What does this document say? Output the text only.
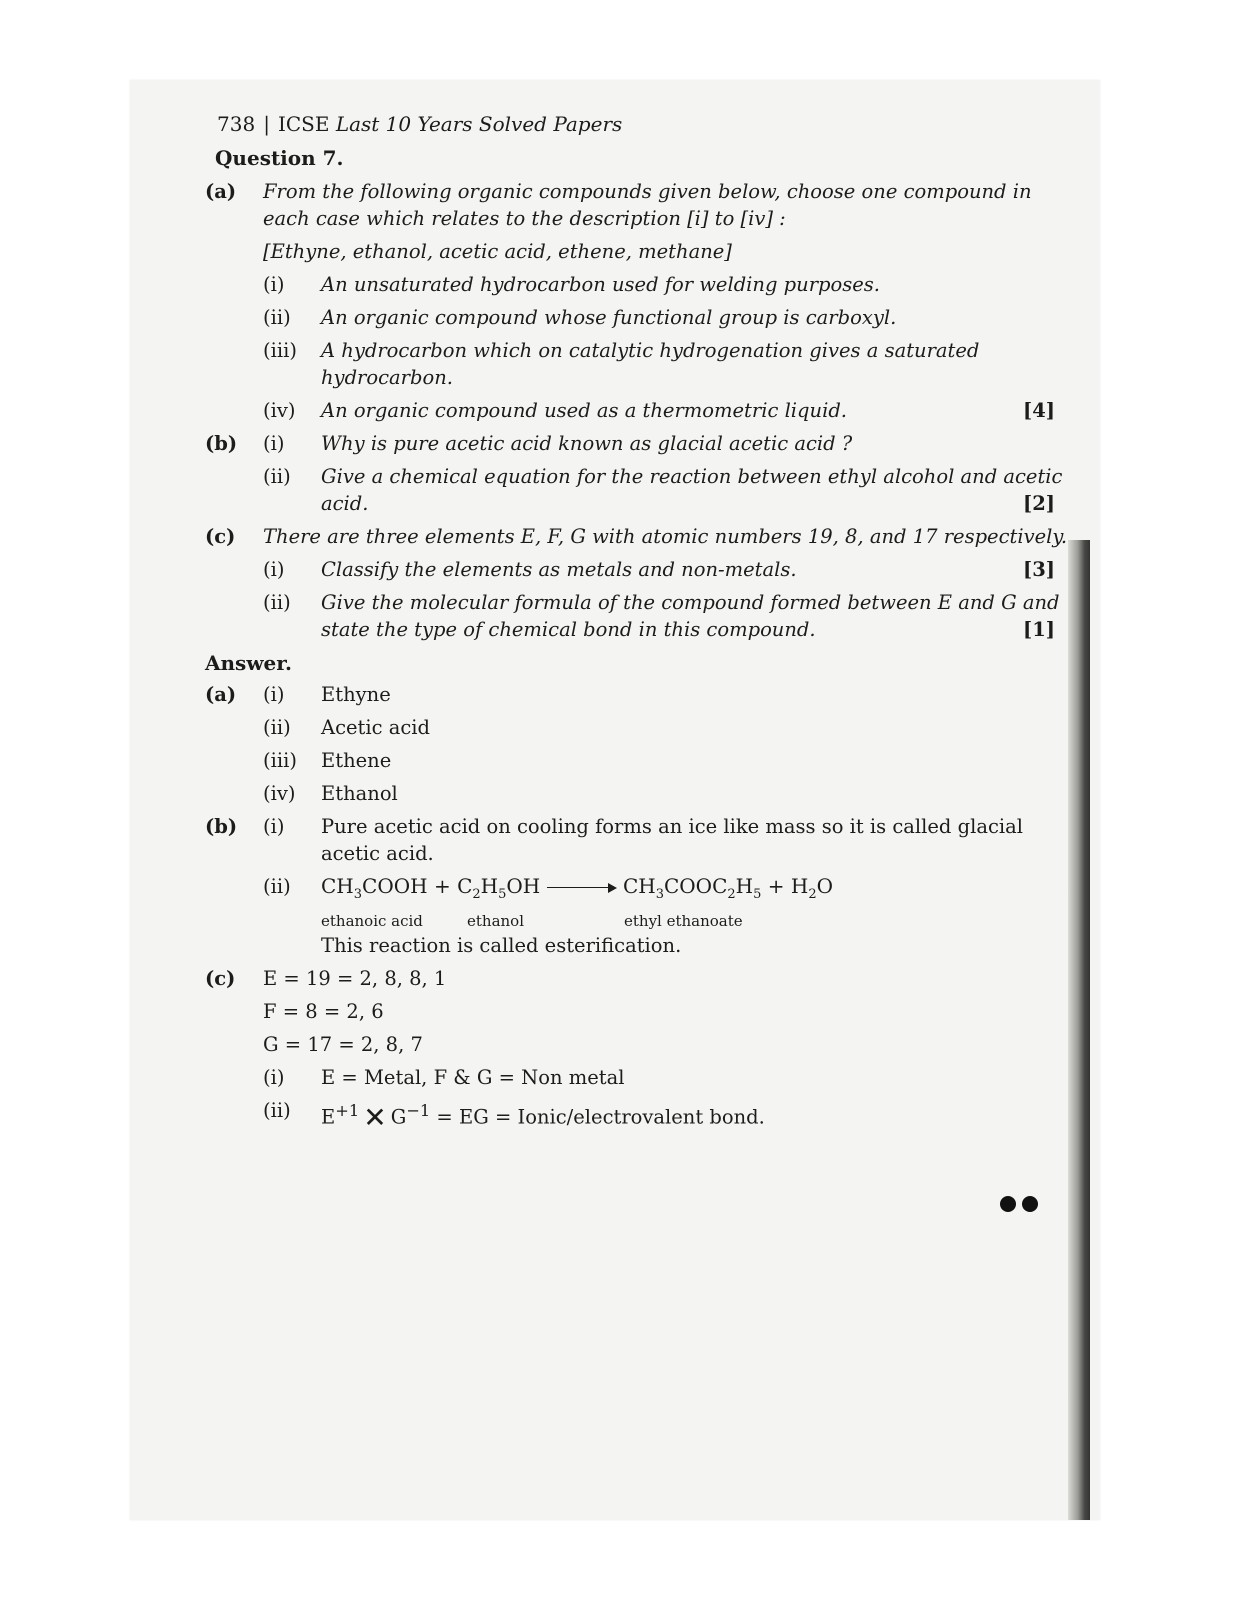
738 | ICSE Last 10 Years Solved Papers
Question 7.
(a)	From the following organic compounds given below, choose one compound in each case which relates to the description [i] to [iv] :
[Ethyne, ethanol, acetic acid, ethene, methane]
(i)	An unsaturated hydrocarbon used for welding purposes.
(ii)	An organic compound whose functional group is carboxyl.
(iii)	A hydrocarbon which on catalytic hydrogenation gives a saturated hydrocarbon.
(iv)	An organic compound used as a thermometric liquid.	[4]
(b)	(i)	Why is pure acetic acid known as glacial acetic acid ?
(ii)	Give a chemical equation for the reaction between ethyl alcohol and acetic acid.	[2]
(c)	There are three elements E, F, G with atomic numbers 19, 8, and 17 respectively.
(i)	Classify the elements as metals and non-metals.	[3]
(ii)	Give the molecular formula of the compound formed between E and G and state the type of chemical bond in this compound.	[1]
Answer.
(a)	(i)	Ethyne
(ii)	Acetic acid
(iii)	Ethene
(iv)	Ethanol
(b)	(i)	Pure acetic acid on cooling forms an ice like mass so it is called glacial acetic acid.
(ii)	$CH_3COOH + C_2H_5OH$	$CH_3COOC_2H_5 + H_2O$
ethanoic acid	ethanol	ethyl ethanoate
This reaction is called esterification.
(c)	E = 19 = 2, 8, 8, 1
F = 8 = 2, 6
G = 17 = 2, 8, 7
(i)	E = Metal, F & G = Non metal
(ii)	$E^{+1}$ ✕ $G^{-1}$ = EG = Ionic/electrovalent bond.
